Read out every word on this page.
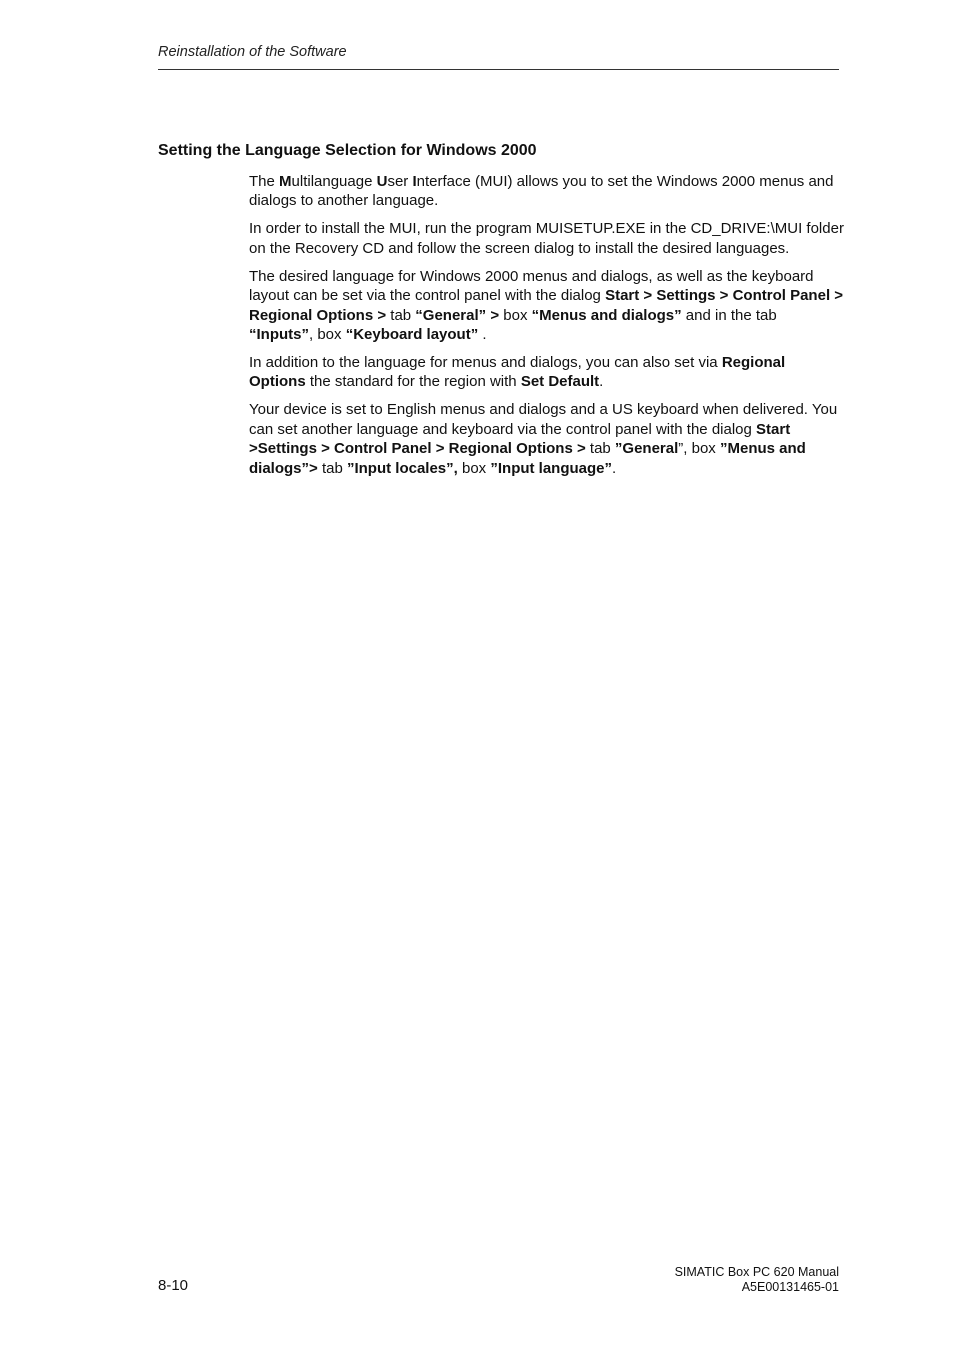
Reinstallation of the Software
Setting the Language Selection for Windows 2000

The Multilanguage User Interface (MUI) allows you to set the Windows 2000 menus and dialogs to another language.

In order to install the MUI, run the program MUISETUP.EXE in the CD_DRIVE:\MUI folder on the Recovery CD and follow the screen dialog to install the desired languages.

The desired language for Windows 2000 menus and dialogs, as well as the keyboard layout can be set via the control panel with the dialog Start > Settings > Control Panel > Regional Options > tab “General” > box “Menus and dialogs” and in the tab “Inputs”, box “Keyboard layout” .

In addition to the language for menus and dialogs, you can also set via Regional Options the standard for the region with Set Default.

Your device is set to English menus and dialogs and a US keyboard when delivered. You can set another language and keyboard via the control panel with the dialog Start >Settings > Control Panel > Regional Options > tab ”General”, box ”Menus and dialogs”> tab ”Input locales”, box ”Input language”.

8-10
SIMATIC Box PC 620 Manual
A5E00131465-01
